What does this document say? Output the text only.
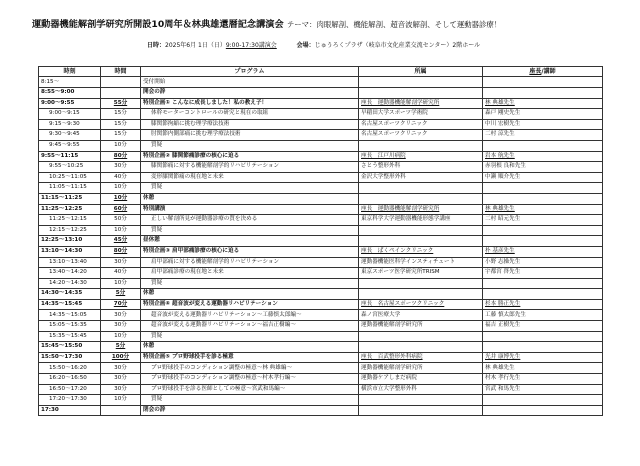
運動器機能解剖学研究所開設10周年＆林典雄還暦記念講演会 テーマ：肉眼解剖、機能解剖、超音波解剖、そして運動器診療！
日時：2025年6月 1日（日）9:00-17:30講演会	会場：じゅうろくプラザ（岐阜市文化産業交流センター）2階ホール
時刻	時間	プログラム	所属	座長/講師
8:15～		受付開始		
8:55～9:00		開会の辞		
9:00～9:55	55分	特別企画① こんなに成長しました！私の教え子！	座長　運動器機能解剖学研究所	林 典雄先生
9:00～9:15	15分	体幹モーターコントロールの研究と現在の取組	早稲田大学スポーツ学術院	森戸 剛史先生
9:15～9:30	15分	膝関節拘縮に挑む理学療法技術	名古屋スポーツクリニック	中川 宏樹先生
9:30～9:45	15分	肘関節内側部痛に挑む理学療法技術	名古屋スポーツクリニック	二村 涼先生
9:45～9:55	10分	質疑		
9:55～11:15	80分	特別企画② 膝関節痛診療の核心に迫る	座長　江戸川病院	岩本 航先生
9:55～10:25	30分	膝関節痛に対する機能解剖学的リハビリテーション	さとう整形外科	赤羽根 良和先生
10:25～11:05	40分	変形膝関節痛の現在地と未来	金沢大学整形外科	中瀬 順介先生
11:05～11:15	10分	質疑		
11:15～11:25	10分	休憩		
11:25～12:25	60分	特別講演	座長　運動器機能解剖学研究所	林 典雄先生
11:25～12:15	50分	正しい解剖所見が運動器診療の質を決める	東京科学大学運動器機能形態学講座	二村 昭元先生
12:15～12:25	10分	質疑		
12:25～13:10	45分	昼休憩		
13:10～14:30	80分	特別企画③ 肩甲部痛診療の核心に迫る	座長　ぱくペインクリニック	朴 基彦先生
13:10～13:40	30分	肩甲部痛に対する機能解剖学的リハビリテーション	運動器機能医科学インスティチュート	小野 志操先生
13:40～14:20	40分	肩甲部痛診療の現在地と未来	東京スポーツ医学研究所TRISM	宇都宮 啓先生
14:20～14:30	10分	質疑		
14:30～14:35	5分	休憩		
14:35～15:45	70分	特別企画④ 超音波が変える運動器リハビリテーション	座長　名古屋スポーツクリニック	杉本 勝正先生
14:35～15:05	30分	超音波が変える運動器リハビリテーション～工藤慎太郎編～	森ノ宮医療大学	工藤 慎太郎先生
15:05～15:35	30分	超音波が変える運動器リハビリテーション～福吉正樹編～	運動器機能解剖学研究所	福吉 正樹先生
15:35～15:45	10分	質疑		
15:45～15:50	5分	休憩		
15:50～17:30	100分	特別企画⑤ プロ野球投手を診る極意	座長　百武整形外科病院	光井 康博先生
15:50～16:20	30分	プロ野球投手のコンディション調整の極意～林 典雄編～	運動器機能解剖学研究所	林 典雄先生
16:20～16:50	30分	プロ野球投手のコンディション調整の極意～村木孝行編～	運動器ケアしまだ病院	村木 孝行先生
16:50～17:20	30分	プロ野球投手を診る医師としての極意～宮武和馬編～	横浜市立大学整形外科	宮武 和馬先生
17:20～17:30	10分	質疑		
17:30		閉会の辞		
